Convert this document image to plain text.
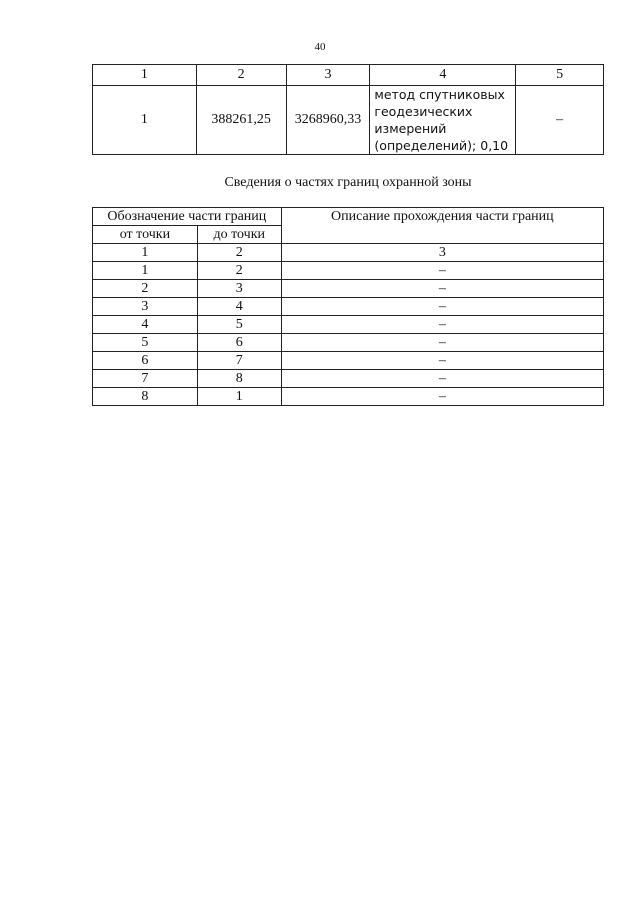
40
1	2	3	4	5
1	388261,25	3268960,33	метод спутниковых
геодезических
измерений
(определений); 0,10	–
Сведения о частях границ охранной зоны
Обозначение части границ		Описание прохождения части границ
от точки	до точки	
1	2	3
1	2	–
2	3	–
3	4	–
4	5	–
5	6	–
6	7	–
7	8	–
8	1	–
